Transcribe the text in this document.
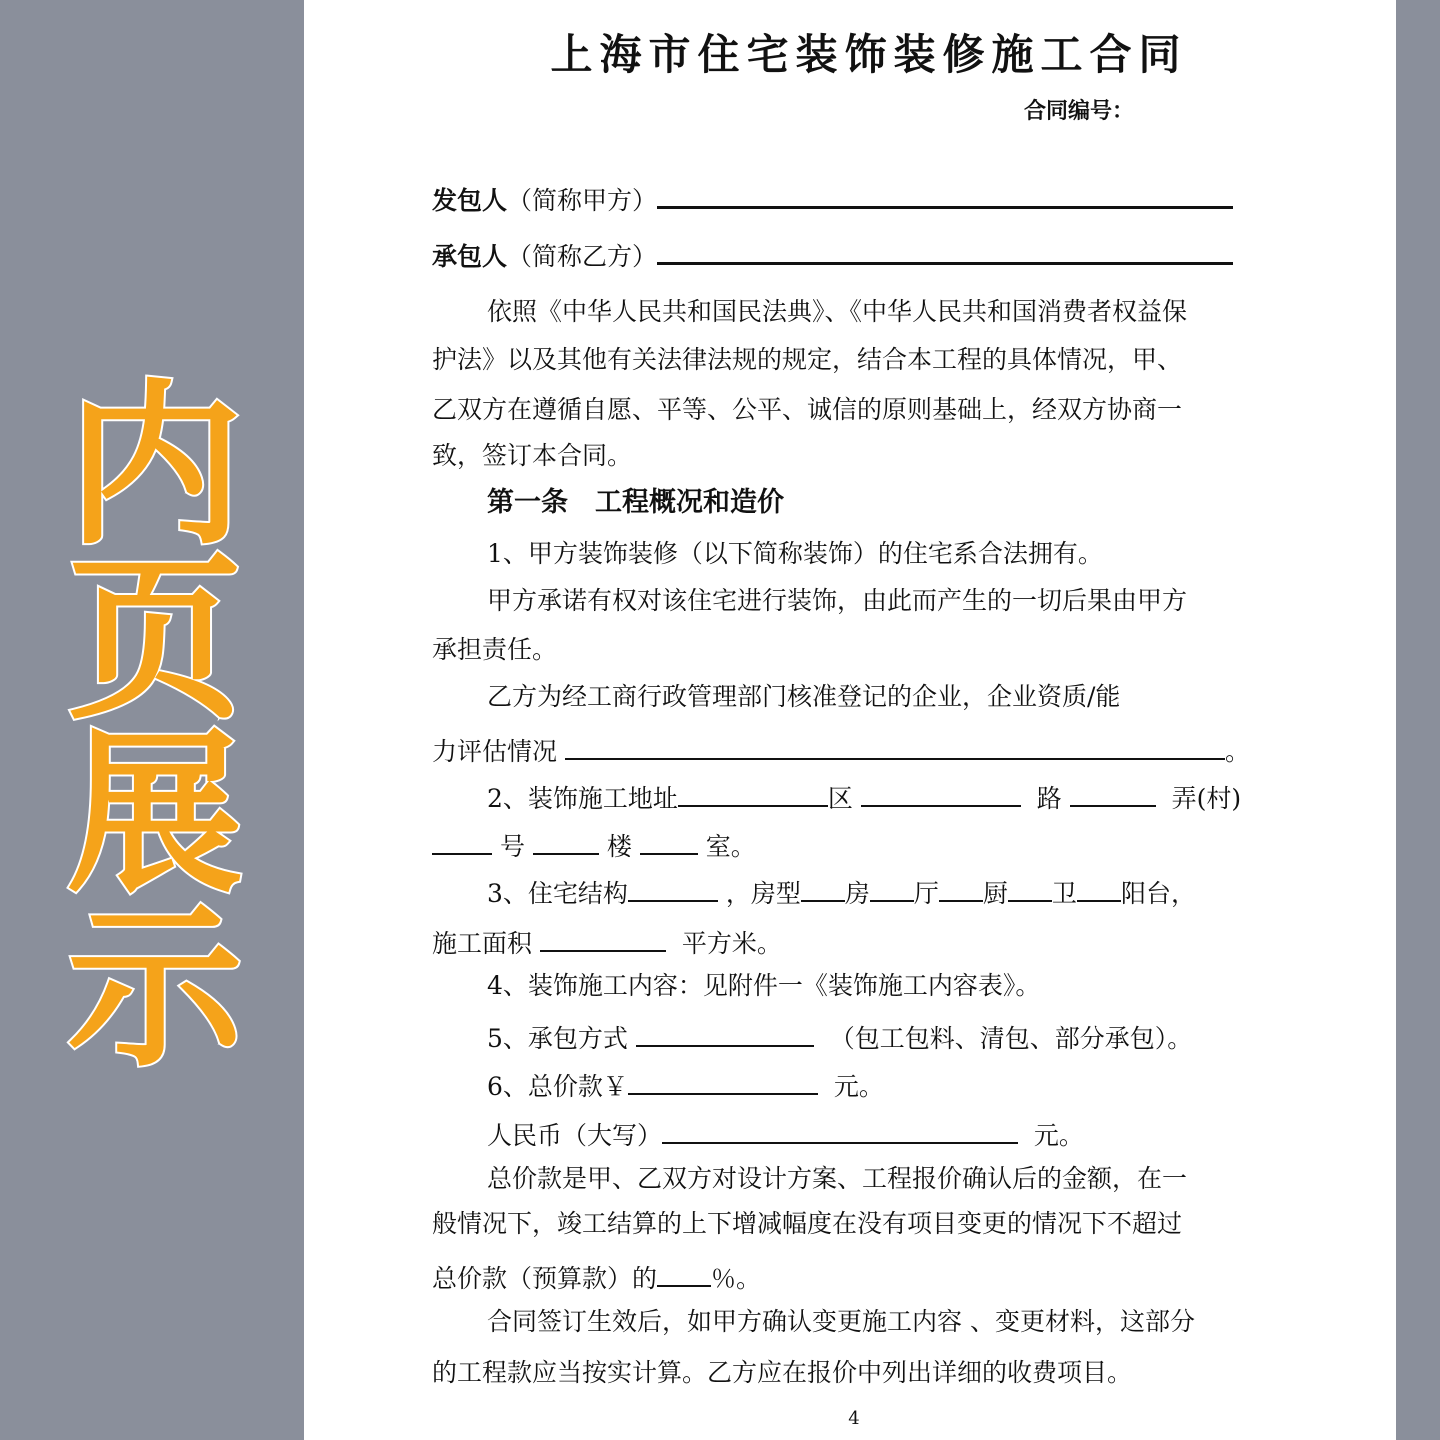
内
页
展
示
上海市住宅装饰装修施工合同
合同编号：
发包人（简称甲方）
承包人（简称乙方）
依照《中华人民共和国民法典》、《中华人民共和国消费者权益保
护法》以及其他有关法律法规的规定，结合本工程的具体情况，甲、
乙双方在遵循自愿、平等、公平、诚信的原则基础上，经双方协商一
致，签订本合同。
第一条　工程概况和造价
1、甲方装饰装修（以下简称装饰）的住宅系合法拥有。
甲方承诺有权对该住宅进行装饰，由此而产生的一切后果由甲方
承担责任。
乙方为经工商行政管理部门核准登记的企业，企业资质/能
力评估情况	。
2、装饰施工地址	区	路	弄(村)
号	楼	室。
3、住宅结构	，房型 房 厅 厨 卫 阳台，
施工面积	平方米。
4、装饰施工内容：见附件一《装饰施工内容表》。
5、承包方式	（包工包料、清包、部分承包）。
6、总价款￥	元。
人民币（大写）	元。
总价款是甲、乙双方对设计方案、工程报价确认后的金额，在一
般情况下，竣工结算的上下增减幅度在没有项目变更的情况下不超过
总价款（预算款）的 ％。
合同签订生效后，如甲方确认变更施工内容 、变更材料，这部分
的工程款应当按实计算。乙方应在报价中列出详细的收费项目。
4
